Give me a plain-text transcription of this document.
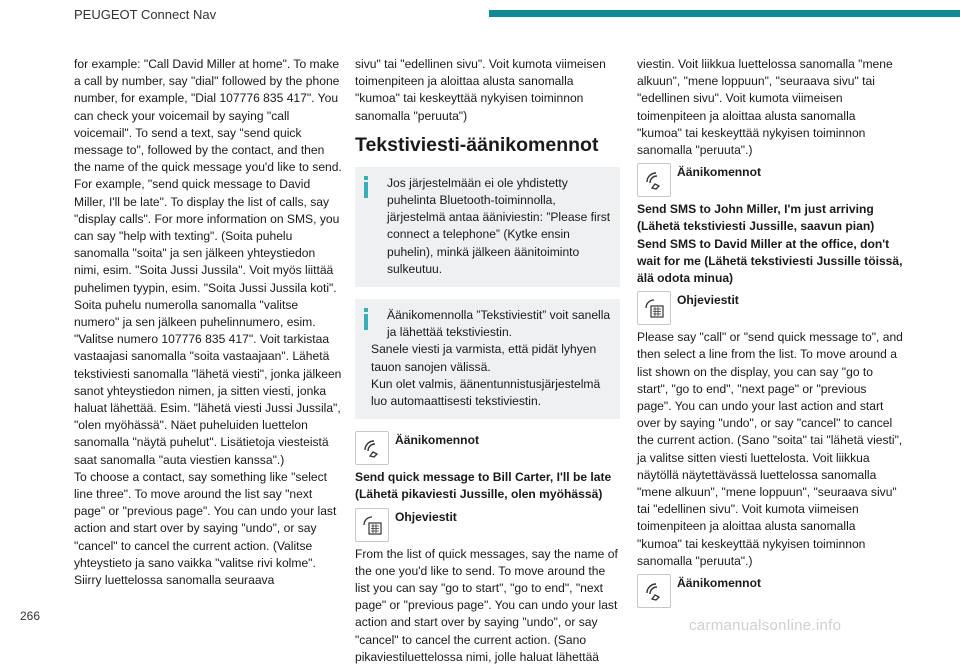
PEUGEOT Connect Nav

for example: "Call David Miller at home". To make a call by number, say "dial" followed by the phone number, for example, "Dial 107776 835 417". You can check your voicemail by saying "call voicemail". To send a text, say "send quick message to", followed by the contact, and then the name of the quick message you'd like to send. For example, "send quick message to David Miller, I'll be late". To display the list of calls, say "display calls". For more information on SMS, you can say "help with texting". (Soita puhelu sanomalla "soita" ja sen jälkeen yhteystiedon nimi, esim. "Soita Jussi Jussila". Voit myös liittää puhelimen tyypin, esim. "Soita Jussi Jussila koti". Soita puhelu numerolla sanomalla "valitse numero" ja sen jälkeen puhelinnumero, esim. "Valitse numero 107776 835 417". Voit tarkistaa vastaajasi sanomalla "soita vastaajaan". Lähetä tekstiviesti sanomalla "lähetä viesti", jonka jälkeen sanot yhteystiedon nimen, ja sitten viesti, jonka haluat lähettää. Esim. "lähetä viesti Jussi Jussila", "olen myöhässä". Näet puheluiden luettelon sanomalla "näytä puhelut". Lisätietoja viesteistä saat sanomalla "auta viestien kanssa".)

To choose a contact, say something like "select line three". To move around the list say "next page" or "previous page". You can undo your last action and start over by saying "undo", or say "cancel" to cancel the current action. (Valitse yhteystieto ja sano vaikka "valitse rivi kolme". Siirry luettelossa sanomalla seuraava

sivu" tai "edellinen sivu". Voit kumota viimeisen toimenpiteen ja aloittaa alusta sanomalla "kumoa" tai keskeyttää nykyisen toiminnon sanomalla "peruuta")

Tekstiviesti-äänikomennot

Jos järjestelmään ei ole yhdistetty puhelinta Bluetooth-toiminnolla, järjestelmä antaa ääniviestin: ”Please first connect a telephone” (Kytke ensin puhelin), minkä jälkeen äänitoiminto sulkeutuu.

Äänikomennolla ”Tekstiviestit” voit sanella ja lähettää tekstiviestin.

Sanele viesti ja varmista, että pidät lyhyen tauon sanojen välissä.

Kun olet valmis, äänentunnistusjärjestelmä luo automaattisesti tekstiviestin.

Äänikomennot

Send quick message to Bill Carter, I'll be late (Lähetä pikaviesti Jussille, olen myöhässä)

Ohjeviestit

From the list of quick messages, say the name of the one you'd like to send. To move around the list you can say "go to start", "go to end", "next page" or "previous page". You can undo your last action and start over by saying "undo", or say "cancel" to cancel the current action. (Sano pikaviestiluettelossa nimi, jolle haluat lähettää

viestin. Voit liikkua luettelossa sanomalla "mene alkuun", "mene loppuun", "seuraava sivu" tai "edellinen sivu". Voit kumota viimeisen toimenpiteen ja aloittaa alusta sanomalla "kumoa" tai keskeyttää nykyisen toiminnon sanomalla "peruuta".)

Äänikomennot

Send SMS to John Miller, I'm just arriving (Lähetä tekstiviesti Jussille, saavun pian) Send SMS to David Miller at the office, don't wait for me (Lähetä tekstiviesti Jussille töissä, älä odota minua)

Ohjeviestit

Please say "call" or "send quick message to", and then select a line from the list. To move around a list shown on the display, you can say "go to start", "go to end", "next page" or "previous page". You can undo your last action and start over by saying "undo", or say "cancel" to cancel the current action. (Sano "soita" tai "lähetä viesti", ja valitse sitten viesti luettelosta. Voit liikkua näytöllä näytettävässä luettelossa sanomalla "mene alkuun", "mene loppuun", "seuraava sivu" tai "edellinen sivu". Voit kumota viimeisen toimenpiteen ja aloittaa alusta sanomalla "kumoa" tai keskeyttää nykyisen toiminnon sanomalla "peruuta".)

Äänikomennot
266
carmanualsonline.info
